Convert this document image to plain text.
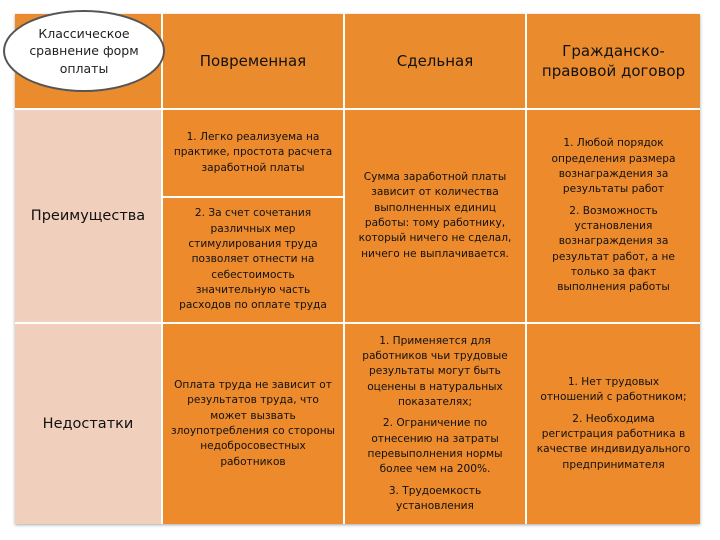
Классическое сравнение форм оплаты	Повременная	Сдельная
Гражданско-правовой договор
Преимущества
1. Легко реализуема на практике, простота расчета заработной платы
2. За счет сочетания различных мер стимулирования труда позволяет отнести на себестоимость значительную часть расходов по оплате труда
Сумма заработной платы зависит от количества выполненных единиц работы: тому работнику, который ничего не сделал, ничего не выплачивается.
1. Любой порядок определения размера вознаграждения за результаты работ
2. Возможность установления вознаграждения за результат работ, а не только за факт выполнения работы
Недостатки
Оплата труда не зависит от результатов труда, что может вызвать злоупотребления со стороны недобросовестных работников
1. Применяется для работников чьи трудовые результаты могут быть оценены в натуральных показателях;
2. Ограничение по отнесению на затраты перевыполнения нормы более чем на 200%.
3. Трудоемкость установления
1. Нет трудовых отношений с работником;
2. Необходима регистрация работника в качестве индивидуального предпринимателя
